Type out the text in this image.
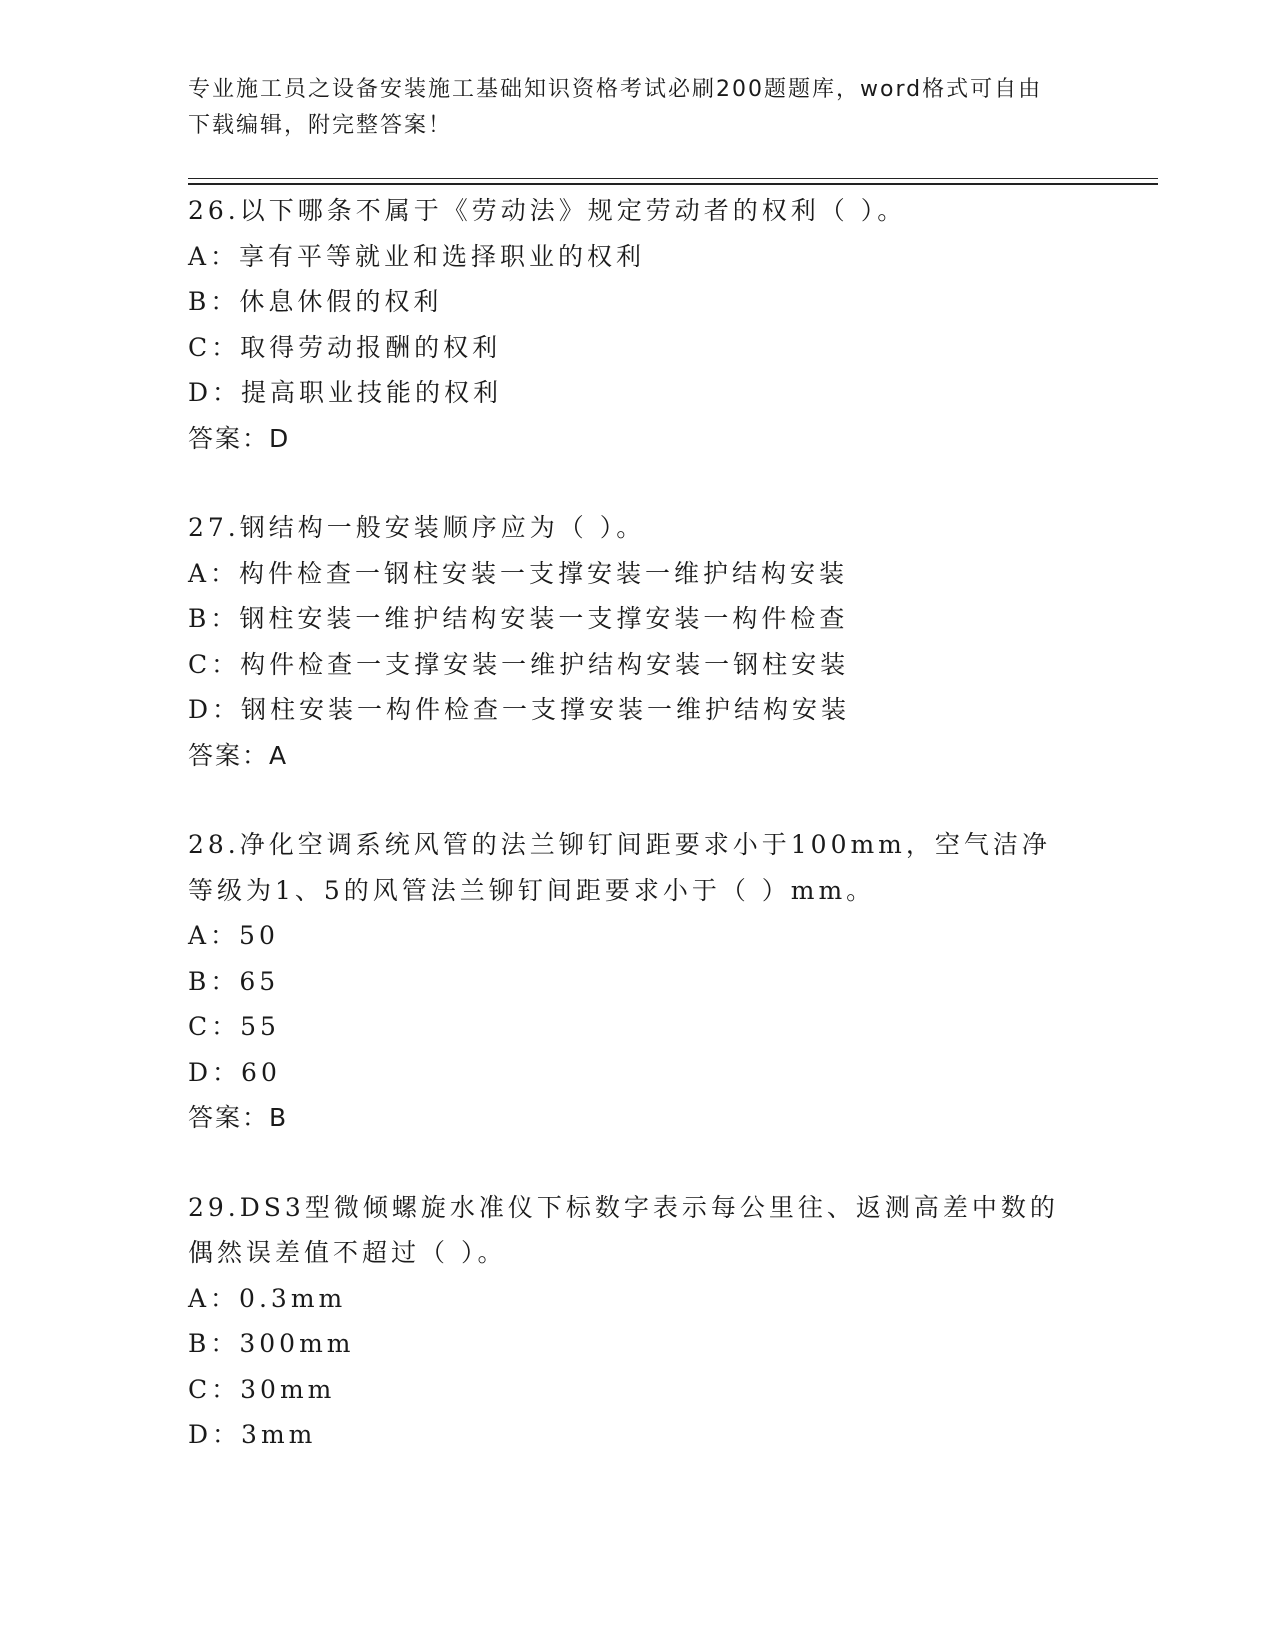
专业施工员之设备安装施工基础知识资格考试必刷200题题库，word格式可自由
下载编辑，附完整答案！
26.以下哪条不属于《劳动法》规定劳动者的权利（ ）。
A：享有平等就业和选择职业的权利
B：休息休假的权利
C：取得劳动报酬的权利
D：提高职业技能的权利
答案：D
27.钢结构一般安装顺序应为（ ）。
A：构件检查一钢柱安装一支撑安装一维护结构安装
B：钢柱安装一维护结构安装一支撑安装一构件检查
C：构件检查一支撑安装一维护结构安装一钢柱安装
D：钢柱安装一构件检查一支撑安装一维护结构安装
答案：A
28.净化空调系统风管的法兰铆钉间距要求小于100mm，空气洁净等级为1、5的风管法兰铆钉间距要求小于（ ）mm。
A：50
B：65
C：55
D：60
答案：B
29.DS3型微倾螺旋水准仪下标数字表示每公里往、返测高差中数的偶然误差值不超过（ ）。
A：0.3mm
B：300mm
C：30mm
D：3mm
